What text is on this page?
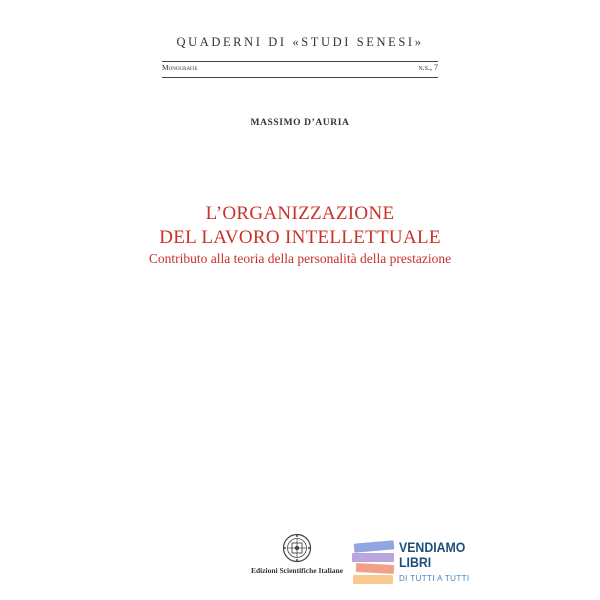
QUADERNI DI «STUDI SENESI»
Monografie	n.s., 7
MASSIMO D’AURIA
L’ORGANIZZAZIONE
DEL LAVORO INTELLETTUALE
Contributo alla teoria della personalità della prestazione
Edizioni Scientifiche Italiane
VENDIAMO
LIBRI
DI TUTTI A TUTTI
